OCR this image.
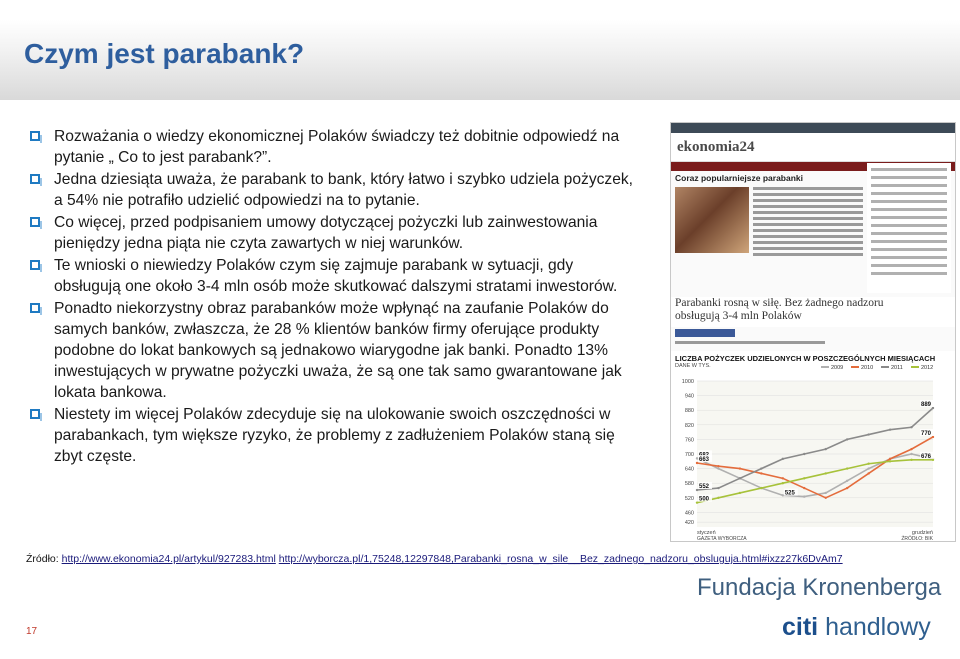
Czym jest parabank?
Rozważania o wiedzy ekonomicznej Polaków świadczy też dobitnie odpowiedź na pytanie „ Co to jest parabank?”.
Jedna dziesiąta uważa, że parabank to bank, który łatwo i szybko udziela pożyczek, a 54% nie potrafiło udzielić odpowiedzi na to pytanie.
Co więcej, przed podpisaniem umowy dotyczącej pożyczki lub zainwestowania pieniędzy jedna piąta nie czyta zawartych w niej warunków.
Te wnioski o niewiedzy Polaków czym się zajmuje parabank w sytuacji, gdy obsługują one około 3-4 mln osób może skutkować dalszymi stratami inwestorów.
Ponadto niekorzystny obraz parabanków może wpłynąć na zaufanie Polaków do samych banków, zwłaszcza, że 28 % klientów banków firmy oferujące produkty podobne do lokat bankowych są jednakowo wiarygodne jak banki. Ponadto 13% inwestujących w prywatne pożyczki uważa, że są one tak samo gwarantowane jak lokata bankowa.
Niestety im więcej Polaków zdecyduje się na ulokowanie swoich oszczędności w parabankach, tym większe ryzyko, że problemy z zadłużeniem Polaków staną się zbyt częste.
ekonomia24
Coraz popularniejsze parabanki
Parabanki rosną w siłę. Bez żadnego nadzoru
obsługują 3-4 mln Polaków
LICZBA POŻYCZEK UDZIELONYCH W POSZCZEGÓLNYCH MIESIĄCACH
DANE W TYS.
1000
940
880
820
760
700
640
580
520
460
420
2009	2010	2011	2012
889
770
676
663
552
525
500
styczeń	grudzień
GAZETA WYBORCZA	ŹRÓDŁO: BIK
Źródło: http://www.ekonomia24.pl/artykul/927283.html http://wyborcza.pl/1,75248,12297848,Parabanki_rosna_w_sile__Bez_zadnego_nadzoru_obsluguja.html#ixzz27k6DvAm7
Fundacja Kronenberga
citi handlowy
17
